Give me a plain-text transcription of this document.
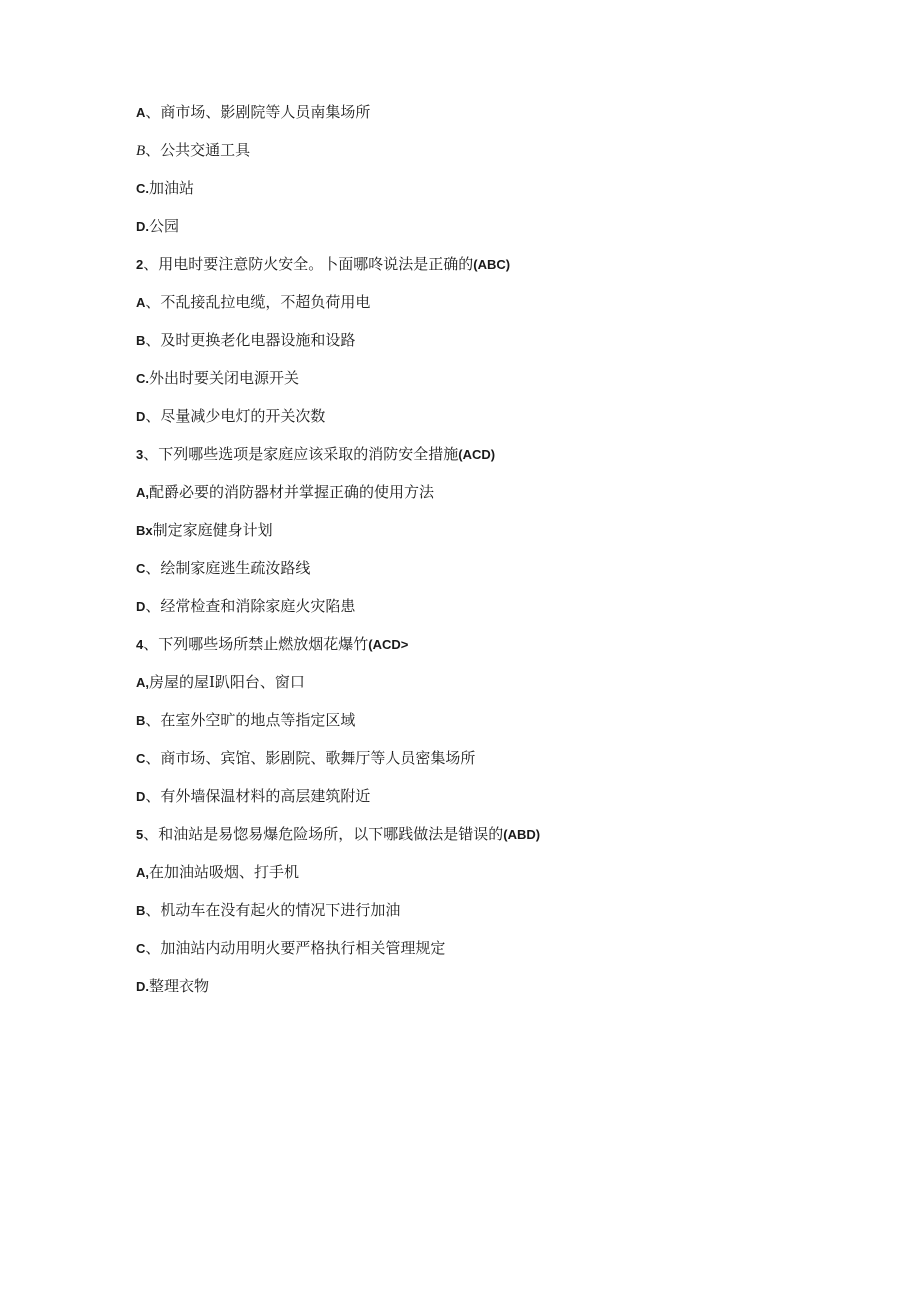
A、商市场、影剧院等人员南集场所
B、公共交通工具
C.加油站
D.公园
2、用电时要注意防火安全。卜面哪咚说法是正确的(ABC)
A、不乱接乱拉电缆，不超负荷用电
B、及时更换老化电器设施和设路
C.外出时要关闭电源开关
D、尽量减少电灯的开关次数
3、下列哪些选项是家庭应该采取的消防安全措施(ACD)
A,配爵必要的消防器材并掌握正确的使用方法
Bx制定家庭健身计划
C、绘制家庭逃生疏汝路线
D、经常检查和消除家庭火灾陷患
4、下列哪些场所禁止燃放烟花爆竹(ACD>
A,房屋的屋I趴阳台、窗口
B、在室外空旷的地点等指定区域
C、商市场、宾馆、影剧院、歌舞厅等人员密集场所
D、有外墙保温材料的高层建筑附近
5、和油站是易惚易爆危险场所，以下哪践做法是错误的(ABD)
A,在加油站吸烟、打手机
B、机动车在没有起火的情况下进行加油
C、加油站内动用明火要严格执行相关管理规定
D.整理衣物
